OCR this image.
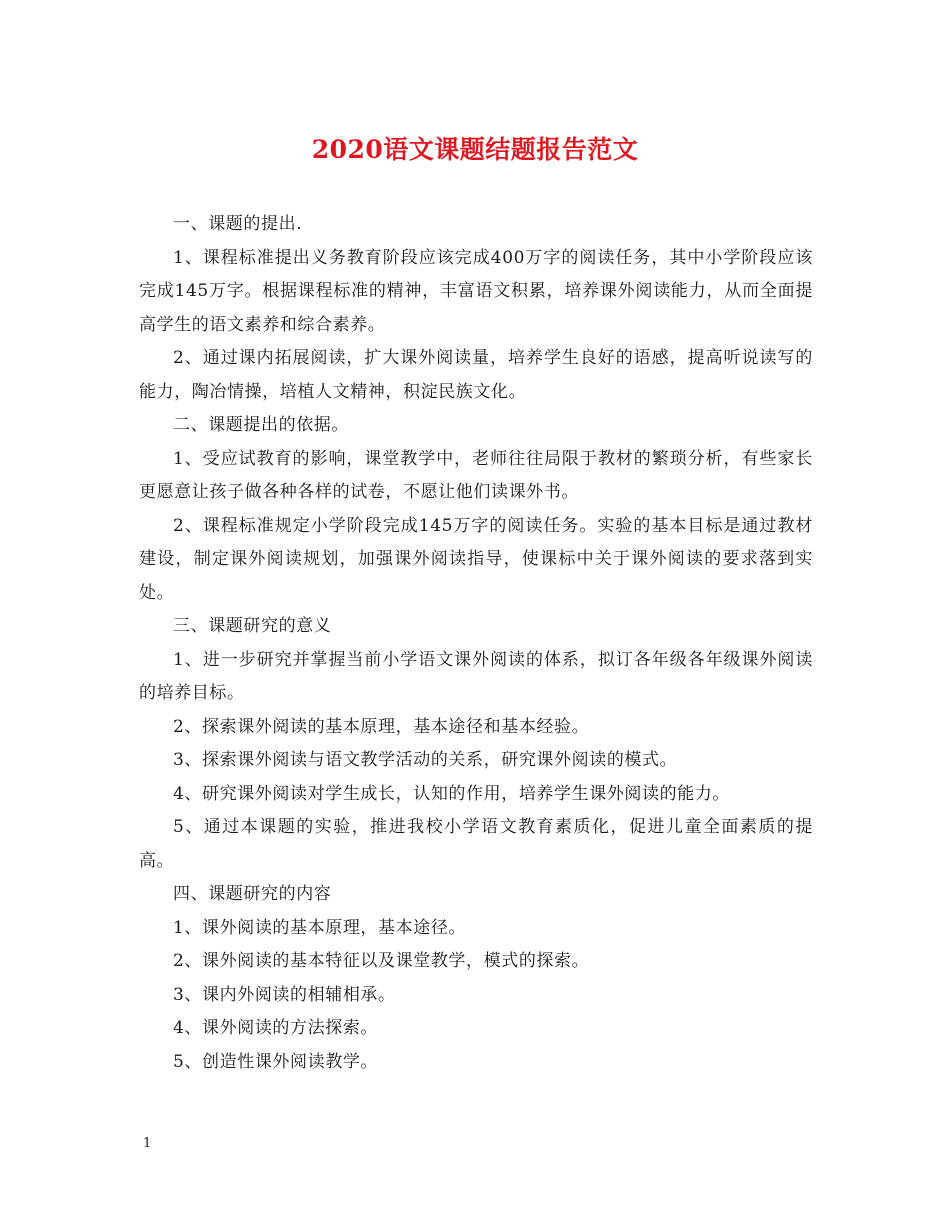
2020语文课题结题报告范文

一、课题的提出.

1、课程标准提出义务教育阶段应该完成400万字的阅读任务，其中小学阶段应该完成145万字。根据课程标准的精神，丰富语文积累，培养课外阅读能力，从而全面提高学生的语文素养和综合素养。

2、通过课内拓展阅读，扩大课外阅读量，培养学生良好的语感，提高听说读写的能力，陶冶情操，培植人文精神，积淀民族文化。

二、课题提出的依据。

1、受应试教育的影响，课堂教学中，老师往往局限于教材的繁琐分析，有些家长更愿意让孩子做各种各样的试卷，不愿让他们读课外书。

2、课程标准规定小学阶段完成145万字的阅读任务。实验的基本目标是通过教材建设，制定课外阅读规划，加强课外阅读指导，使课标中关于课外阅读的要求落到实处。

三、课题研究的意义

1、进一步研究并掌握当前小学语文课外阅读的体系，拟订各年级各年级课外阅读的培养目标。

2、探索课外阅读的基本原理，基本途径和基本经验。

3、探索课外阅读与语文教学活动的关系，研究课外阅读的模式。

4、研究课外阅读对学生成长，认知的作用，培养学生课外阅读的能力。

5、通过本课题的实验，推进我校小学语文教育素质化，促进儿童全面素质的提高。

四、课题研究的内容

1、课外阅读的基本原理，基本途径。

2、课外阅读的基本特征以及课堂教学，模式的探索。

3、课内外阅读的相辅相承。

4、课外阅读的方法探索。

5、创造性课外阅读教学。

1
